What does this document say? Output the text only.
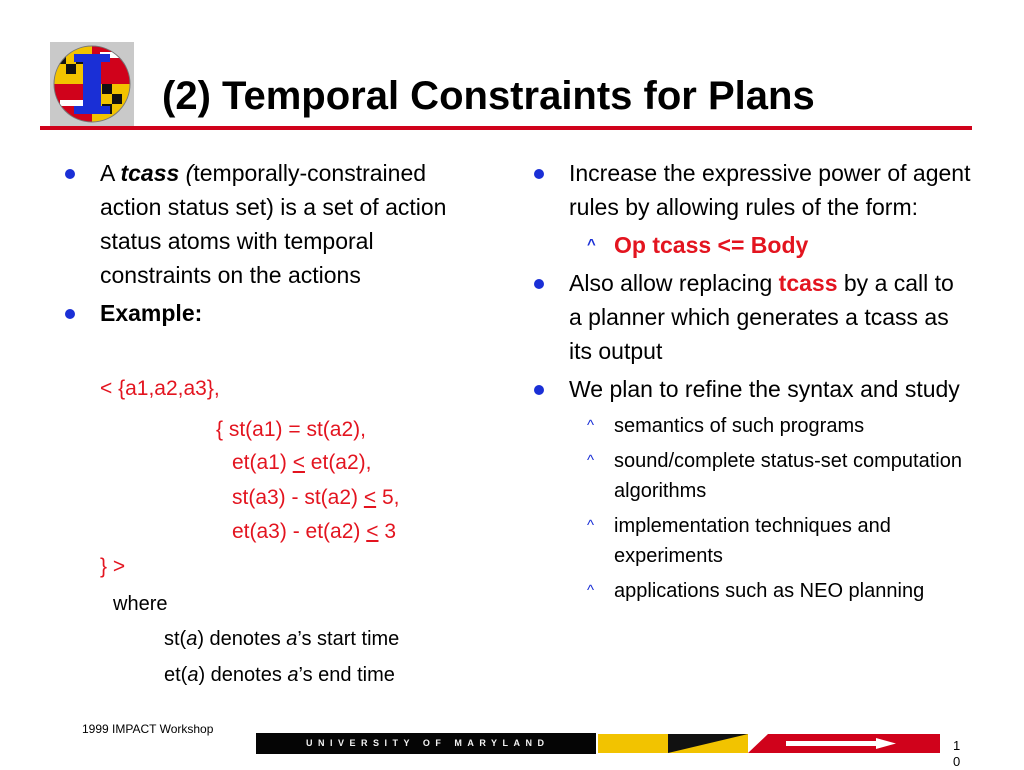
(2) Temporal Constraints for Plans
A tcass (temporally-constrained action status set) is a set of action status atoms with temporal constraints on the actions
Example:
< {a1,a2,a3},
{ st(a1) = st(a2),
et(a1) < et(a2),
st(a3) - st(a2) < 5,
et(a3) - et(a2) < 3
} >
where
st(a) denotes a’s start time
et(a) denotes a’s end time
Increase the expressive power of agent rules by allowing rules of the form:
^ Op tcass <= Body
Also allow replacing tcass by a call to a planner which generates a tcass as its output
We plan to refine the syntax and study
^ semantics of such programs
^ sound/complete status-set computation algorithms
^ implementation techniques and experiments
^ applications such as NEO planning
1999 IMPACT Workshop
UNIVERSITY OF MARYLAND	10
